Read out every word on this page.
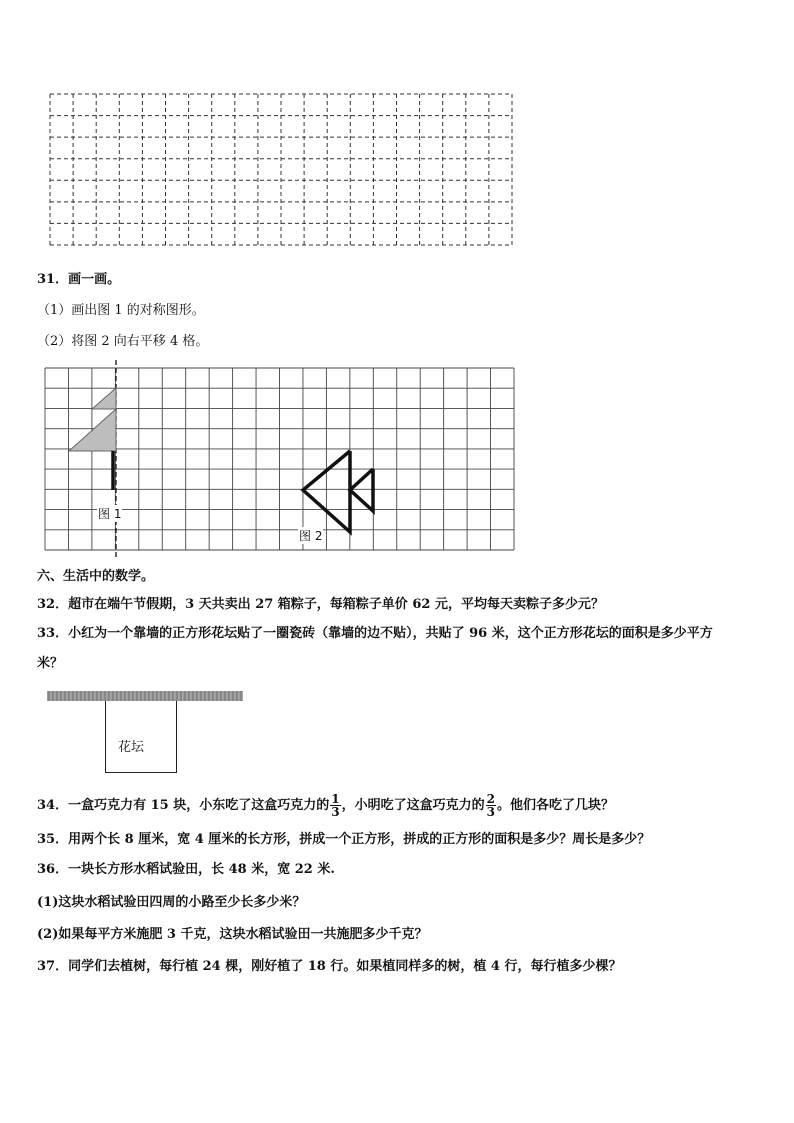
31．画一画。
（1）画出图 1 的对称图形。
（2）将图 2 向右平移 4 格。
图 1
图 2
六、生活中的数学。
32．超市在端午节假期，3 天共卖出 27 箱粽子，每箱粽子单价 62 元，平均每天卖粽子多少元？
33．小红为一个靠墙的正方形花坛贴了一圈瓷砖（靠墙的边不贴），共贴了 96 米，这个正方形花坛的面积是多少平方
米？
花坛
34．一盒巧克力有 15 块，小东吃了这盒巧克力的 $\frac{1}{3}$ ，小明吃了这盒巧克力的 $\frac{2}{3}$ 。他们各吃了几块？
35．用两个长 8 厘米，宽 4 厘米的长方形，拼成一个正方形，拼成的正方形的面积是多少？周长是多少？
36．一块长方形水稻试验田，长 48 米，宽 22 米.
(1)这块水稻试验田四周的小路至少长多少米？
(2)如果每平方米施肥 3 千克，这块水稻试验田一共施肥多少千克？
37．同学们去植树，每行植 24 棵，刚好植了 18 行。如果植同样多的树，植 4 行，每行植多少棵？
